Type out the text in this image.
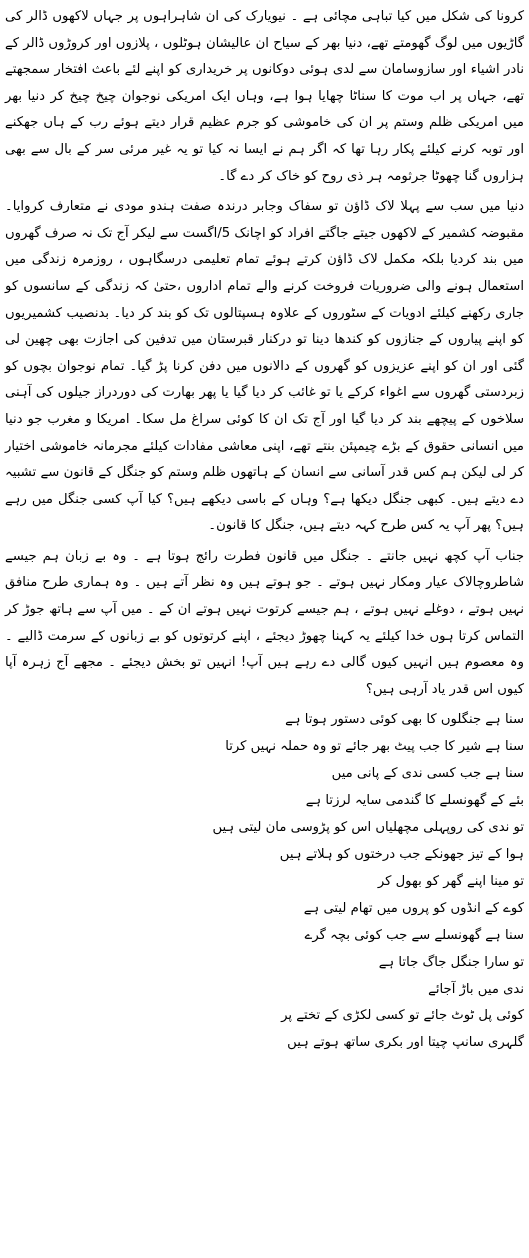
کرونا کی شکل میں کیا تباہی مچائی ہے ۔ نیویارک کی ان شاہراہوں پر جہاں لاکھوں ڈالر کی گاڑیوں میں لوگ گھومتے تھے، دنیا بھر کے سیاح ان عالیشان ہوٹلوں ، پلازوں اور کروڑوں ڈالر کے نادر اشیاء اور سازوسامان سے لدی ہوئی دوکانوں پر خریداری کو اپنے لئے باعث افتخار سمجھتے تھے، جہاں پر اب موت کا سناٹا چھایا ہوا ہے، وہاں ایک امریکی نوجوان چیخ چیخ کر دنیا بھر میں امریکی ظلم وستم پر ان کی خاموشی کو جرم عظیم قرار دیتے ہوئے رب کے ہاں جھکنے اور توبہ کرنے کیلئے پکار رہا تھا کہ اگر ہم نے ایسا نہ کیا تو یہ غیر مرئی سر کے بال سے بھی ہزاروں گنا چھوٹا جرثومہ ہر ذی روح کو خاک کر دے گا۔

دنیا میں سب سے پہلا لاک ڈاؤن تو سفاک وجابر درندہ صفت ہندو مودی نے متعارف کروایا۔ مقبوضہ کشمیر کے لاکھوں جیتے جاگتے افراد کو اچانک 5/اگست سے لیکر آج تک نہ صرف گھروں میں بند کردیا بلکہ مکمل لاک ڈاؤن کرتے ہوئے تمام تعلیمی درسگاہوں ، روزمرہ زندگی میں استعمال ہونے والی ضروریات فروخت کرنے والے تمام اداروں ،حتیٰ کہ زندگی کے سانسوں کو جاری رکھنے کیلئے ادویات کے سٹوروں کے علاوہ ہسپتالوں تک کو بند کر دیا۔ بدنصیب کشمیریوں کو اپنے پیاروں کے جنازوں کو کندھا دینا تو درکنار قبرستان میں تدفین کی اجازت بھی چھین لی گئی اور ان کو اپنے عزیزوں کو گھروں کے دالانوں میں دفن کرنا پڑ گیا۔ تمام نوجوان بچوں کو زبردستی گھروں سے اغواء کرکے یا تو غائب کر دیا گیا یا پھر بھارت کی دوردراز جیلوں کی آہنی سلاخوں کے پیچھے بند کر دیا گیا اور آج تک ان کا کوئی سراغ مل سکا۔ امریکا و مغرب جو دنیا میں انسانی حقوق کے بڑے چیمپئن بنتے تھے، اپنی معاشی مفادات کیلئے مجرمانہ خاموشی اختیار کر لی لیکن ہم کس قدر آسانی سے انسان کے ہاتھوں ظلم وستم کو جنگل کے قانون سے تشبیہ دے دیتے ہیں۔ کبھی جنگل دیکھا ہے؟ وہاں کے باسی دیکھے ہیں؟ کیا آپ کسی جنگل میں رہے ہیں؟ پھر آپ یہ کس طرح کہہ دیتے ہیں، جنگل کا قانون۔

جناب آپ کچھ نہیں جانتے ۔ جنگل میں قانون فطرت رائج ہوتا ہے ۔ وہ بے زبان ہم جیسے شاطروچالاک عیار ومکار نہیں ہوتے ۔ جو ہوتے ہیں وہ نظر آتے ہیں ۔ وہ ہماری طرح منافق نہیں ہوتے ، دوغلے نہیں ہوتے ، ہم جیسے کرتوت نہیں ہوتے ان کے ۔ میں آپ سے ہاتھ جوڑ کر التماس کرتا ہوں خدا کیلئے یہ کہنا چھوڑ دیجئے ، اپنے کرتوتوں کو بے زبانوں کے سرمت ڈالیے ۔ وہ معصوم ہیں انہیں کیوں گالی دے رہے ہیں آپ! انہیں تو بخش دیجئے ۔ مجھے آج زہرہ آپا کیوں اس قدر یاد آرہی ہیں؟

سنا ہے جنگلوں کا بھی کوئی دستور ہوتا ہے
سنا ہے شیر کا جب پیٹ بھر جائے تو وہ حملہ نہیں کرتا
سنا ہے جب کسی ندی کے پانی میں
بئے کے گھونسلے کا گندمی سایہ لرزتا ہے
تو ندی کی روپہلی مچھلیاں اس کو پڑوسی مان لیتی ہیں
ہوا کے تیز جھونکے جب درختوں کو ہلاتے ہیں
تو مینا اپنے گھر کو بھول کر
کوے کے انڈوں کو پروں میں تھام لیتی ہے
سنا ہے گھونسلے سے جب کوئی بچہ گرے
تو سارا جنگل جاگ جاتا ہے
ندی میں باڑ آجائے
کوئی پل ٹوٹ جائے تو کسی لکڑی کے تختے پر
گلہری سانپ چیتا اور بکری ساتھ ہوتے ہیں
